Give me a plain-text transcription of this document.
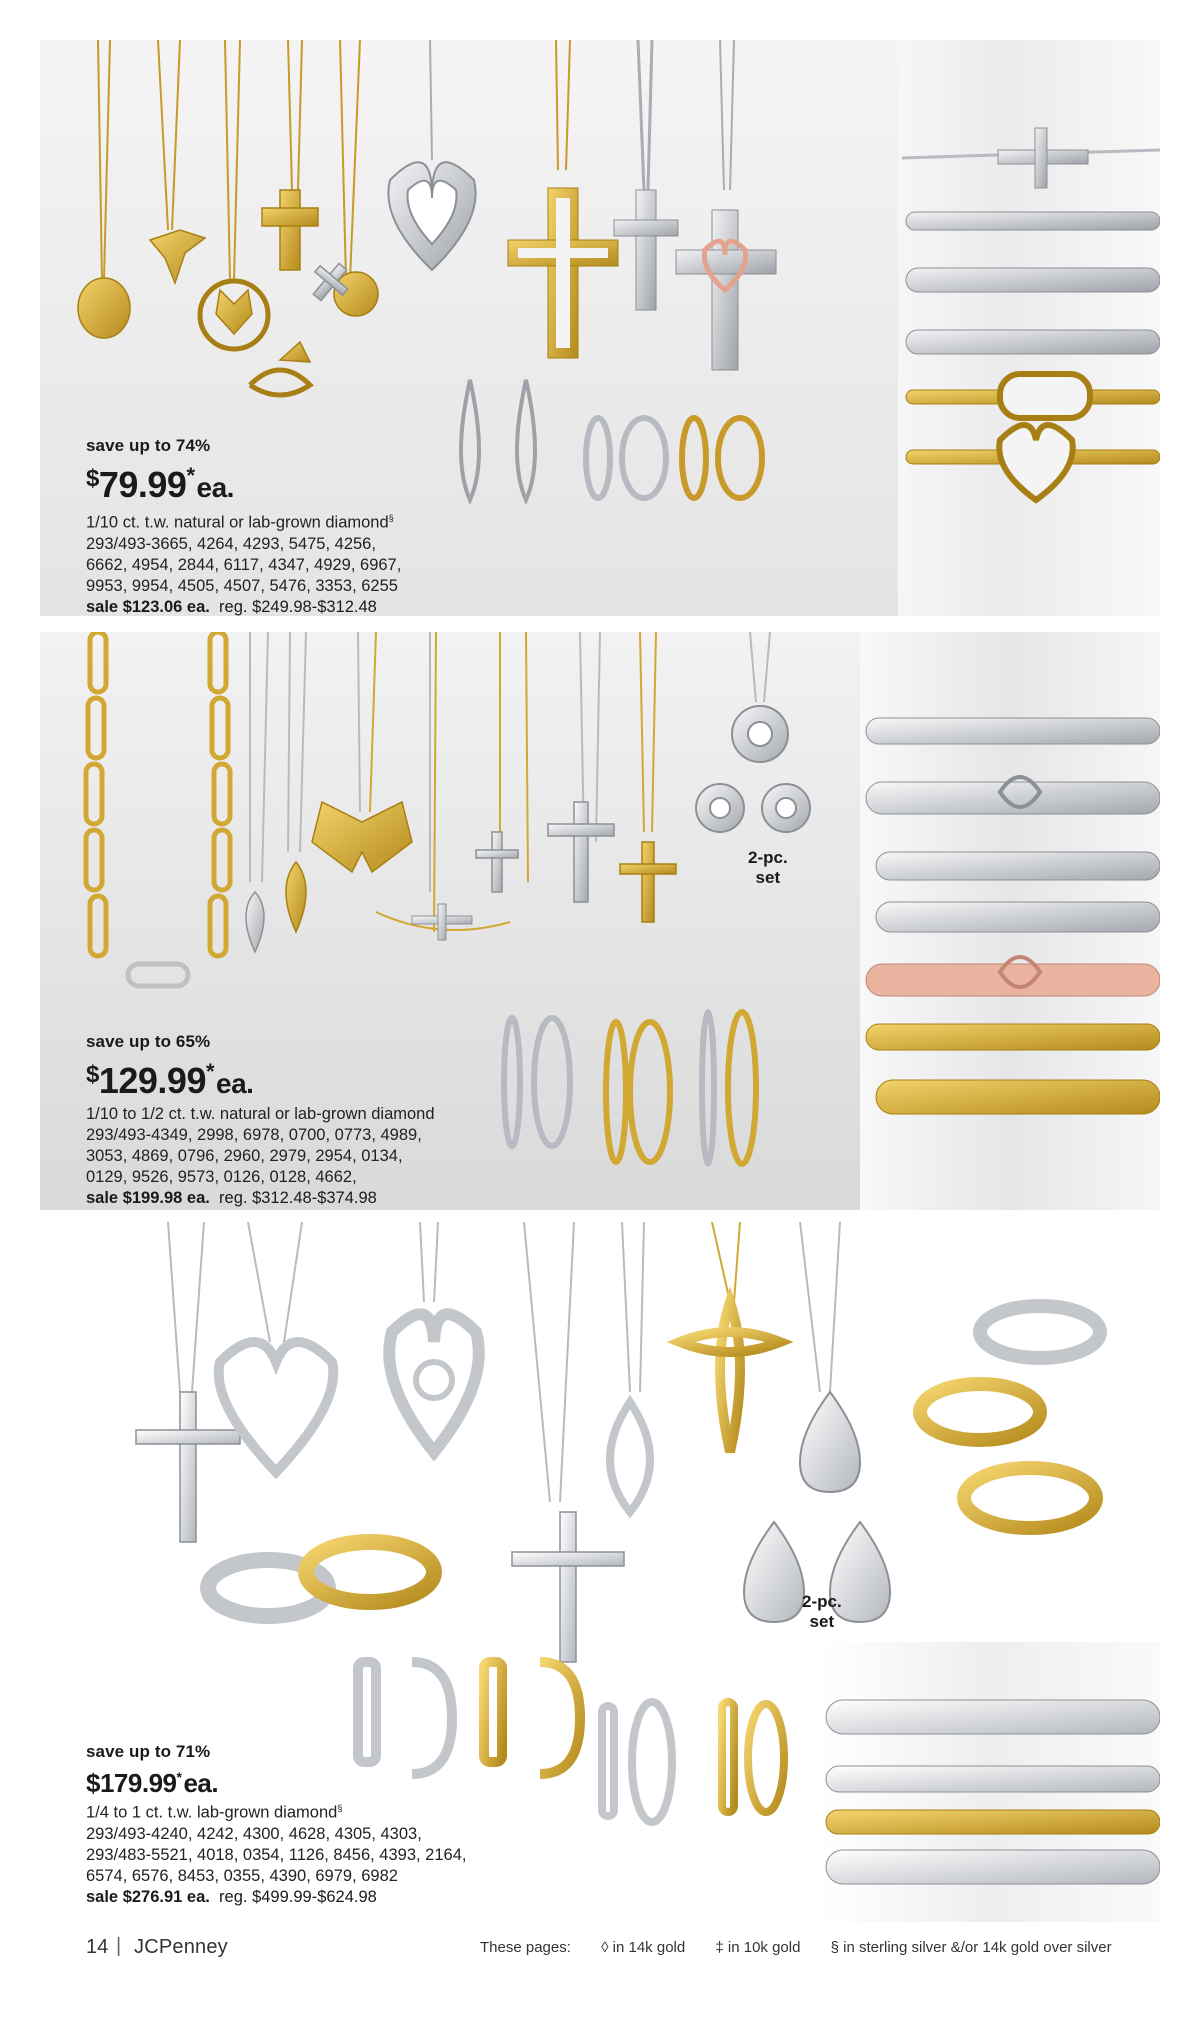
save up to 74%
$79.99*ea.
1/10 ct. t.w. natural or lab-grown diamond§
293/493-3665, 4264, 4293, 5475, 4256,
6662, 4954, 2844, 6117, 4347, 4929, 6967,
9953, 9954, 4505, 4507, 5476, 3353, 6255
sale $123.06 ea. reg. $249.98-$312.48
2-pc.
set
save up to 65%
$129.99*ea.
1/10 to 1/2 ct. t.w. natural or lab-grown diamond
293/493-4349, 2998, 6978, 0700, 0773, 4989,
3053, 4869, 0796, 2960, 2979, 2954, 0134,
0129, 9526, 9573, 0126, 0128, 4662,
sale $199.98 ea. reg. $312.48-$374.98
2-pc.
set
save up to 71%
$179.99*ea.
1/4 to 1 ct. t.w. lab-grown diamond§
293/493-4240, 4242, 4300, 4628, 4305, 4303,
293/483-5521, 4018, 0354, 1126, 8456, 4393, 2164,
6574, 6576, 8453, 0355, 4390, 6979, 6982
sale $276.91 ea. reg. $499.99-$624.98
14 | JCPenney	These pages: ◊ in 14k gold ‡ in 10k gold § in sterling silver &/or 14k gold over silver
